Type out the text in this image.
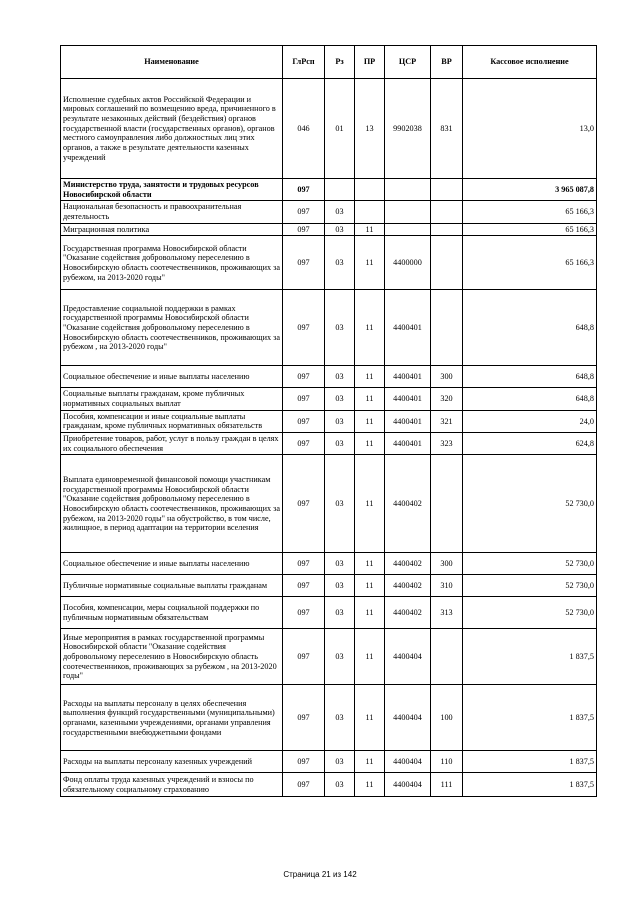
Наименование	ГлРсп	Рз	ПР	ЦСР	ВР	Кассовое исполнение
Исполнение судебных актов Российской Федерации и мировых соглашений по возмещению вреда, причиненного в результате незаконных действий (бездействия) органов государственной власти (государственных органов), органов местного самоуправления либо должностных лиц этих органов, а также в результате деятельности казенных учреждений	046	01	13	9902038	831	13,0
Министерство труда, занятости и трудовых ресурсов Новосибирской области	097					3 965 087,8
Национальная безопасность и правоохранительная деятельность	097	03				65 166,3
Миграционная политика	097	03	11			65 166,3
Государственная программа Новосибирской области "Оказание содействия добровольному переселению в Новосибирскую область соотечественников, проживающих за рубежом, на 2013-2020 годы"	097	03	11	4400000		65 166,3
Предоставление социальной поддержки в рамках государственной программы Новосибирской области "Оказание содействия добровольному переселению в Новосибирскую область соотечественников, проживающих за рубежом , на 2013-2020 годы"	097	03	11	4400401		648,8
Социальное обеспечение и иные выплаты населению	097	03	11	4400401	300	648,8
Социальные выплаты гражданам, кроме публичных нормативных социальных выплат	097	03	11	4400401	320	648,8
Пособия, компенсации и иные социальные выплаты гражданам, кроме публичных нормативных обязательств	097	03	11	4400401	321	24,0
Приобретение товаров, работ, услуг в пользу граждан в целях их социального обеспечения	097	03	11	4400401	323	624,8
Выплата единовременной финансовой помощи участникам государственной программы Новосибирской области "Оказание содействия добровольному переселению в Новосибирскую область соотечественников, проживающих за рубежом, на 2013-2020 годы" на обустройство, в том числе, жилищное, в период адаптации на территории вселения	097	03	11	4400402		52 730,0
Социальное обеспечение и иные выплаты населению	097	03	11	4400402	300	52 730,0
Публичные нормативные социальные выплаты гражданам	097	03	11	4400402	310	52 730,0
Пособия, компенсации, меры социальной поддержки по публичным нормативным обязательствам	097	03	11	4400402	313	52 730,0
Иные мероприятия в рамках государственной программы Новосибирской области "Оказание содействия добровольному переселению в Новосибирскую область соотечественников, проживающих за рубежом , на 2013-2020 годы"	097	03	11	4400404		1 837,5
Расходы на выплаты персоналу в целях обеспечения выполнения функций государственными (муниципальными) органами, казенными учреждениями, органами управления государственными внебюджетными фондами	097	03	11	4400404	100	1 837,5
Расходы на выплаты персоналу казенных учреждений	097	03	11	4400404	110	1 837,5
Фонд оплаты труда казенных учреждений и взносы по обязательному социальному страхованию	097	03	11	4400404	111	1 837,5
Страница 21 из 142
